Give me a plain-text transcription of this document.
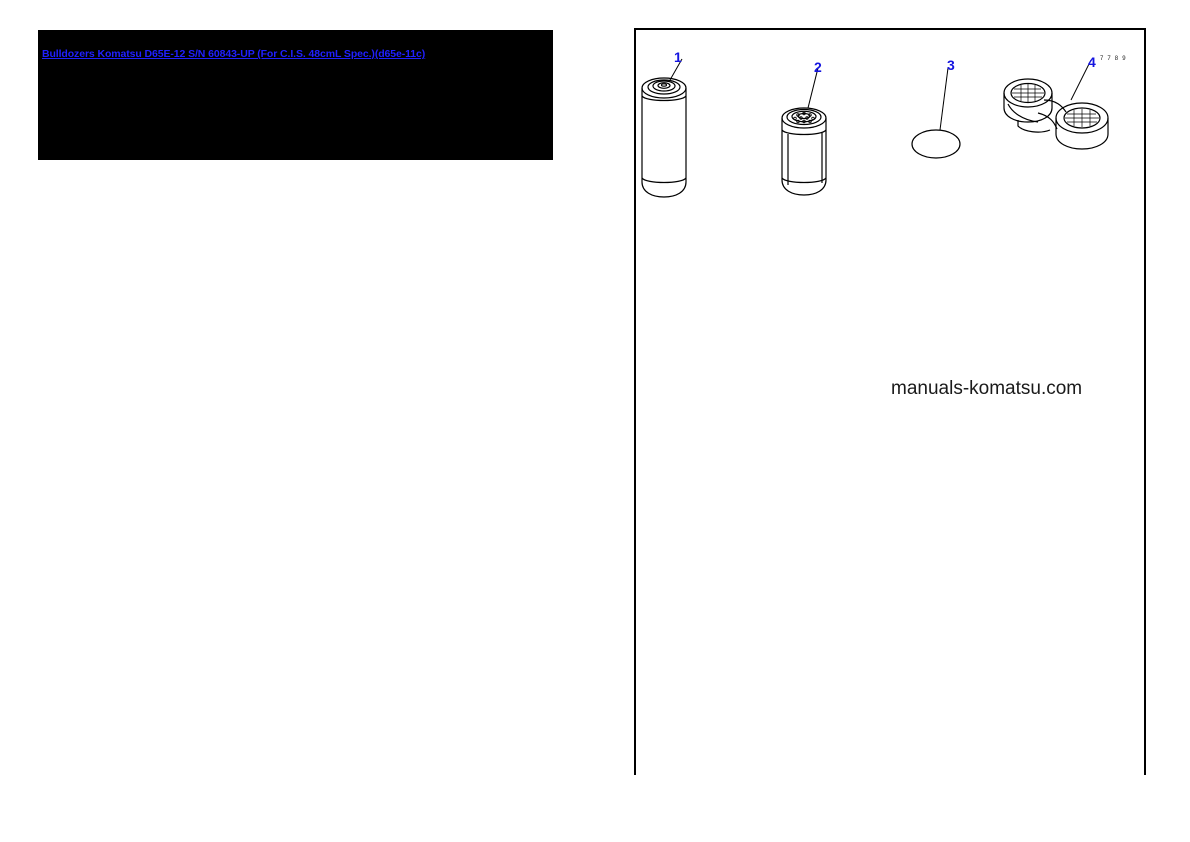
Bulldozers Komatsu D65E-12 S/N 60843-UP (For C.I.S. 48cmL Spec.)(d65e-11c)	7 7 8 9
1
2	3	4
manuals-komatsu.com
